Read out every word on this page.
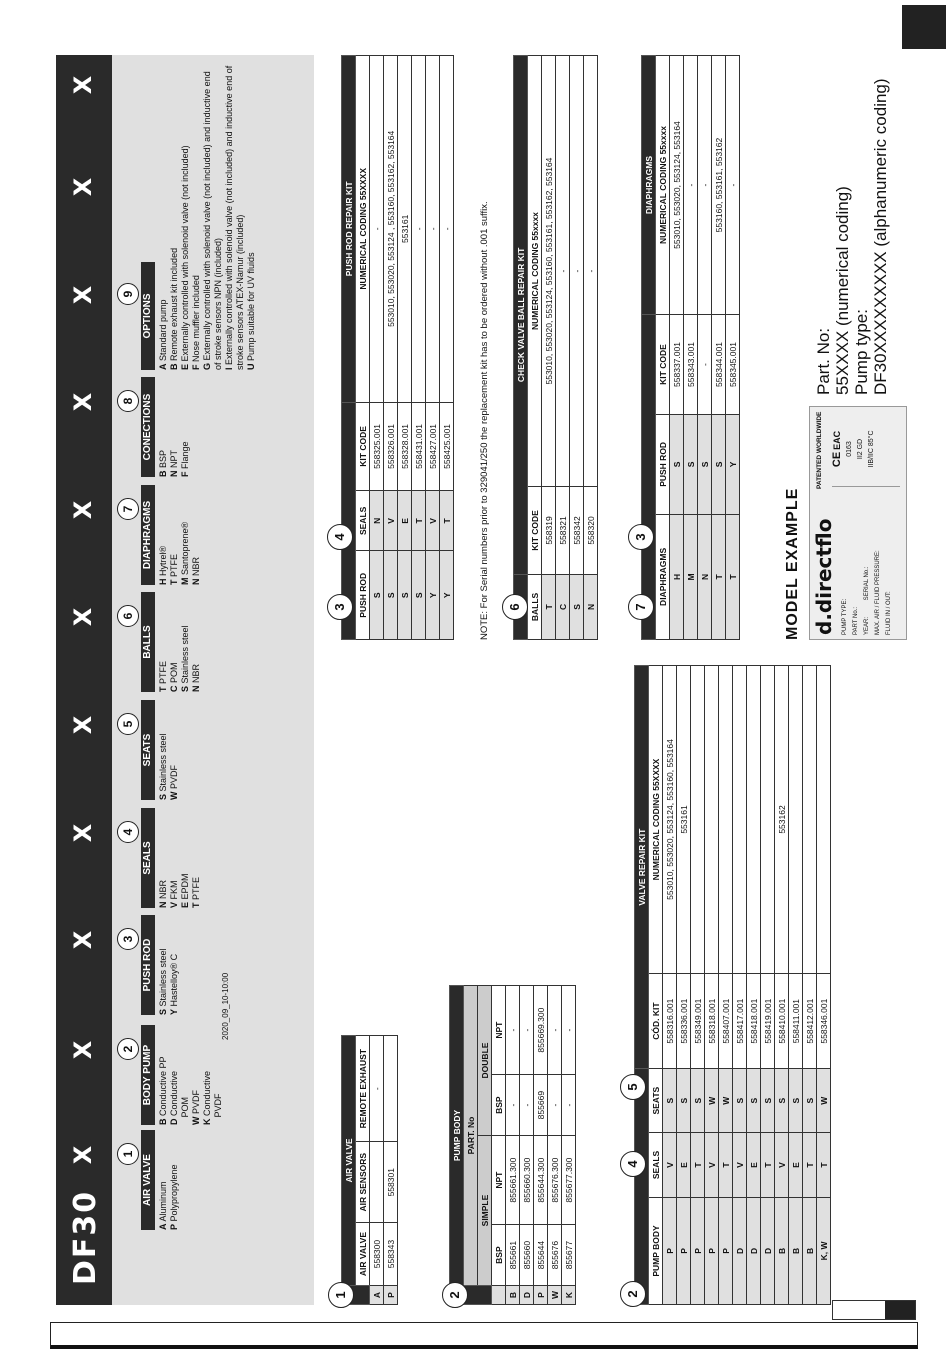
DF30
X
X
X
X
X
X
X
X
X
X
X
1
AIR VALVE
A Aluminum
P Polypropylene
2 BODY PUMP
B Conductive PP
D Conductive POM
W PVDF
K Conductive PVDF
3 PUSH ROD
S Stainless steel
Y Hastelloy® C
4
SEALS
N NBR
V FKM
E EPDM
T PTFE
5
SEATS
S Stainless steel
W PVDF
6
BALLS
T PTFE
C POM
S Stainless steel
N NBR
7 DIAPHRAGMS
H Hytrel®
T PTFE
M Santoprene®
N NBR
8 CONECTIONS
B BSP
N NPT
F Flange
9 OPTIONS
A Standard pump
B Remote exhaust kit included
E Externally controlled with solenoid valve (not included)
F Nose muffler included
G Externally controlled with solenoid valve (not included) and inductive end of stroke sensors NPN (included) I Externally controlled with solenoid valve (not included) and inductive end of stroke sensors ATEX-Namur (included) U Pump suitable for UV fluids
1
	AIR VALVE		
	AIR VALVE	AIR SENSORS	REMOTE EXHAUST
A	558300		-
P	558343	558301	
2
	PUMP BODY			
	PART. No			
	SIMPLE		DOUBLE	
	BSP	NPT	BSP	NPT
B	855661	855661.300	-	-
D	855660	855660.300	-	-
P	855644	855644.300	855669	855669.300
W	855676	855676.300	-	-
K	855677	855677.300	-	-
2
4
5
			VALVE REPAIR KIT	
PUMP BODY	SEALS	SEATS	CÓD. KIT	NUMERICAL CODING 55XXXX
P	V	S	558316.001	553010, 553020, 553124, 553160, 553164
P	E	S	558336.001	553161
P	T	S	558349.001	
P	V	W	558318.001	
P	T	W	558407.001	
D	V	S	558417.001	
D	E	S	558418.001	
D	T	S	558419.001	
B	V	S	558410.001	553162
B	E	S	558411.001	
B	T	S	558412.001	
K, W	T	W	558346.001	
3
4
			PUSH ROD REPAIR KIT
PUSH ROD	SEALS	KIT CODE	NUMERICAL CODING 55XXXX
S	N	558325.001	-
S	V	558326.001	553010, 553020, 553124 , 553160, 553162, 553164
S	E	558328.001	553161
S	T	558431.001	-
Y	V	558427.001	-
Y	T	558425.001	-	NOTE: For Serial numbers prior to 329041/250 the replacement kit has to be ordered without .001 suffix.	6
	CHECK VALVE BALL REPAIR KIT	
BALLS	KIT CODE	NUMERICAL CODING 55xxxx
T	558319	553010, 553020, 553124, 553160, 553161, 553162, 553164
C	558321	-
S	558342	-
N	558320	-
7
3
			DIAPHRAGMS
DIAPHRAGMS	PUSH ROD	KIT CODE	NUMERICAL CODING 55xxxx
H	S	558337.001	553010, 553020, 553124, 553164
M	S	558343.001	-
N	S	-	-
T	S	558344.001	553160, 553161, 553162
T	Y	558345.001	-
MODEL EXAMPLE d.directflo
PATENTED WORLDWIDE
PUMP TYPE: PART No.: YEAR:          SERIAL No.: MAX. AIR / FLUID PRESSURE: FLUID IN / OUT:
CE EAC 0163 II2 GD IIB/IIC 85°C
Part. No: 55XXXX (numerical coding) Pump type: DF30XXXXXXXXX (alphanumeric coding)
2020_09_10-10:00
